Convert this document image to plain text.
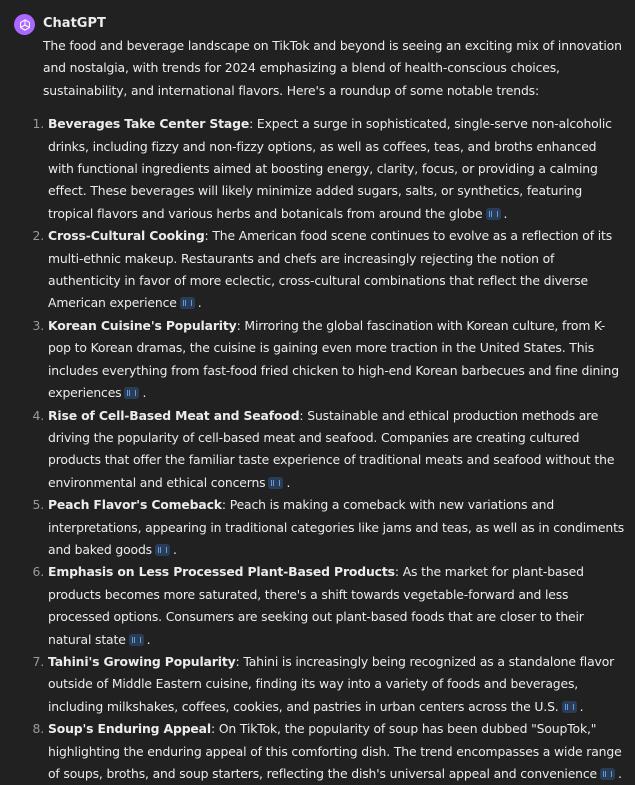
ChatGPT

The food and beverage landscape on TikTok and beyond is seeing an exciting mix of innovation and nostalgia, with trends for 2024 emphasizing a blend of health-conscious choices, sustainability, and international flavors. Here's a roundup of some notable trends:

1. Beverages Take Center Stage: Expect a surge in sophisticated, single-serve non-alcoholic drinks, including fizzy and non-fizzy options, as well as coffees, teas, and broths enhanced with functional ingredients aimed at boosting energy, clarity, focus, or providing a calming effect. These beverages will likely minimize added sugars, salts, or synthetics, featuring tropical flavors and various herbs and botanicals from around the globe .
2. Cross-Cultural Cooking: The American food scene continues to evolve as a reflection of its multi-ethnic makeup. Restaurants and chefs are increasingly rejecting the notion of authenticity in favor of more eclectic, cross-cultural combinations that reflect the diverse American experience .
3. Korean Cuisine's Popularity: Mirroring the global fascination with Korean culture, from K-pop to Korean dramas, the cuisine is gaining even more traction in the United States. This includes everything from fast-food fried chicken to high-end Korean barbecues and fine dining experiences .
4. Rise of Cell-Based Meat and Seafood: Sustainable and ethical production methods are driving the popularity of cell-based meat and seafood. Companies are creating cultured products that offer the familiar taste experience of traditional meats and seafood without the environmental and ethical concerns .
5. Peach Flavor's Comeback: Peach is making a comeback with new variations and interpretations, appearing in traditional categories like jams and teas, as well as in condiments and baked goods .
6. Emphasis on Less Processed Plant-Based Products: As the market for plant-based products becomes more saturated, there's a shift towards vegetable-forward and less processed options. Consumers are seeking out plant-based foods that are closer to their natural state .
7. Tahini's Growing Popularity: Tahini is increasingly being recognized as a standalone flavor outside of Middle Eastern cuisine, finding its way into a variety of foods and beverages, including milkshakes, coffees, cookies, and pastries in urban centers across the U.S. .
8. Soup's Enduring Appeal: On TikTok, the popularity of soup has been dubbed "SoupTok," highlighting the enduring appeal of this comforting dish. The trend encompasses a wide range of soups, broths, and soup starters, reflecting the dish's universal appeal and convenience .
